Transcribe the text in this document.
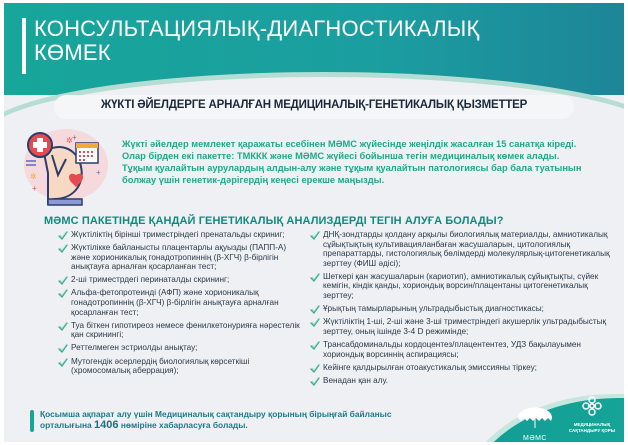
КОНСУЛЬТАЦИЯЛЫҚ-ДИАГНОСТИКАЛЫҚ
КӨМЕК
ЖҮКТІ ӘЙЕЛДЕРГЕ АРНАЛҒАН МЕДИЦИНАЛЫҚ-ГЕНЕТИКАЛЫҚ ҚЫЗМЕТТЕР
✲ +
+
✲
+
Жүкті әйелдер мемлекет қаражаты есебінен МӘМС жүйесінде жеңілдік жасалған 15 санатқа кіреді. Олар бірден екі пакетте: ТМККК және МӘМС жүйесі бойынша тегін медициналық көмек алады. Тұқым қуалайтын аурулардың алдын-алу және тұқым қуалайтын патологиясы бар бала туатынын болжау үшін генетик-дәрігердің кеңесі ерекше маңызды.
МӘМС ПАКЕТІНДЕ ҚАНДАЙ ГЕНЕТИКАЛЫҚ АНАЛИЗДЕРДІ ТЕГІН АЛУҒА БОЛАДЫ?
Жүктіліктің бірінші триместріндегі пренатальды скриниг;
Жүктілікке байланысты плацентарлы ақуызды (ПАПП-А) және хорионикалық гонадотропиннің (β-ХГЧ) β-бірлігін анықтауға арналған қосарланған тест;
2-ші триместрдегі перинаталды скрининг;
Альфа-фетопротеинді (АФП) және хорионикалық гонадотропиннің (β-ХГЧ) β-бірлігін анықтауға арналған қосарланған тест;
Туа біткен гипотиреоз немесе фенилкетонурияға нәрестелік қан скринингі;
Реттелмеген эстриолды анықтау;
Мутогендік әсерлердің биологиялық көрсеткіші (хромосомалық аберрация);
ДНҚ-зондтарды қолдану арқылы биологиялық материалды, амниотикалық сұйықтықтың культивацияланбаған жасушаларын, цитологиялық препараттарды, гистологиялық бөлімдерді молекулярлық-цитогенетикалық зерттеу (ФИШ әдісі);
Шеткері қан жасушаларын (кариотип), амниотикалық сұйықтықты, сүйек кемігін, кіндік қанды, хориондық ворсин/плацентаны цитогенетикалық зерттеу;
Ұрықтың тамырларының ультрадыбыстық диагностикасы;
Жүктіліктің 1-ші, 2-ші және 3-ші триместріндегі акушерлік ультрадыбыстық зерттеу, оның ішінде 3-4 D режимінде;
Трансабдоминальды кордоцентез/плацентентез, УДЗ бақылауымен хориондық ворсиннің аспирациясы;
Кейінге қалдырылған отоакустикалық эмиссияны тіркеу;
Венадан қан алу.
Қосымша ақпарат алу үшін Медициналық сақтандыру қорының бірыңғай байланыс орталығына 1406 нөміріне хабарласуға болады.
МӘМС
МЕДИЦИНАЛЫҚ САҚТАНДЫРУ ҚОРЫ
